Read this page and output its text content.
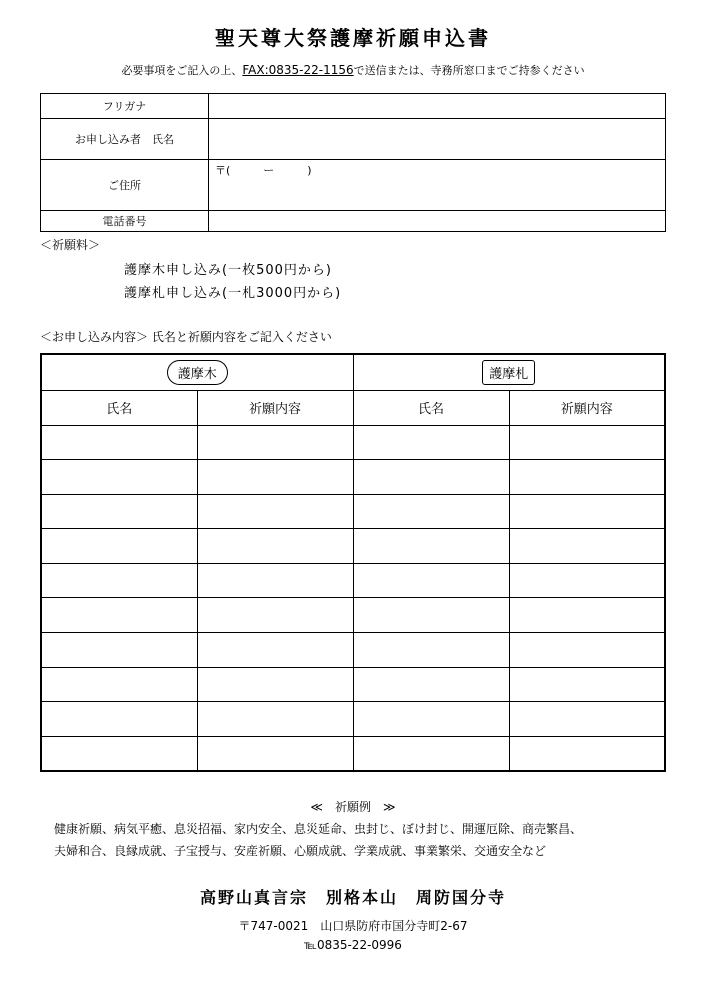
聖天尊大祭護摩祈願申込書
必要事項をご記入の上、FAX:0835-22-1156で送信または、寺務所窓口までご持参ください
フリガナ	
お申し込み者　氏名	
ご住所	〒(　　　ー　　　)
電話番号	
＜祈願料＞
護摩木申し込み(一枚500円から)
護摩札申し込み(一札3000円から)
＜お申し込み内容＞ 氏名と祈願内容をご記入ください
護摩木		護摩札	
氏名	祈願内容	氏名	祈願内容

≪　祈願例　≫
健康祈願、病気平癒、息災招福、家内安全、息災延命、虫封じ、ぼけ封じ、開運厄除、商売繁昌、
夫婦和合、良縁成就、子宝授与、安産祈願、心願成就、学業成就、事業繁栄、交通安全など
高野山真言宗　別格本山　周防国分寺
〒747-0021　山口県防府市国分寺町2-67
℡0835-22-0996
